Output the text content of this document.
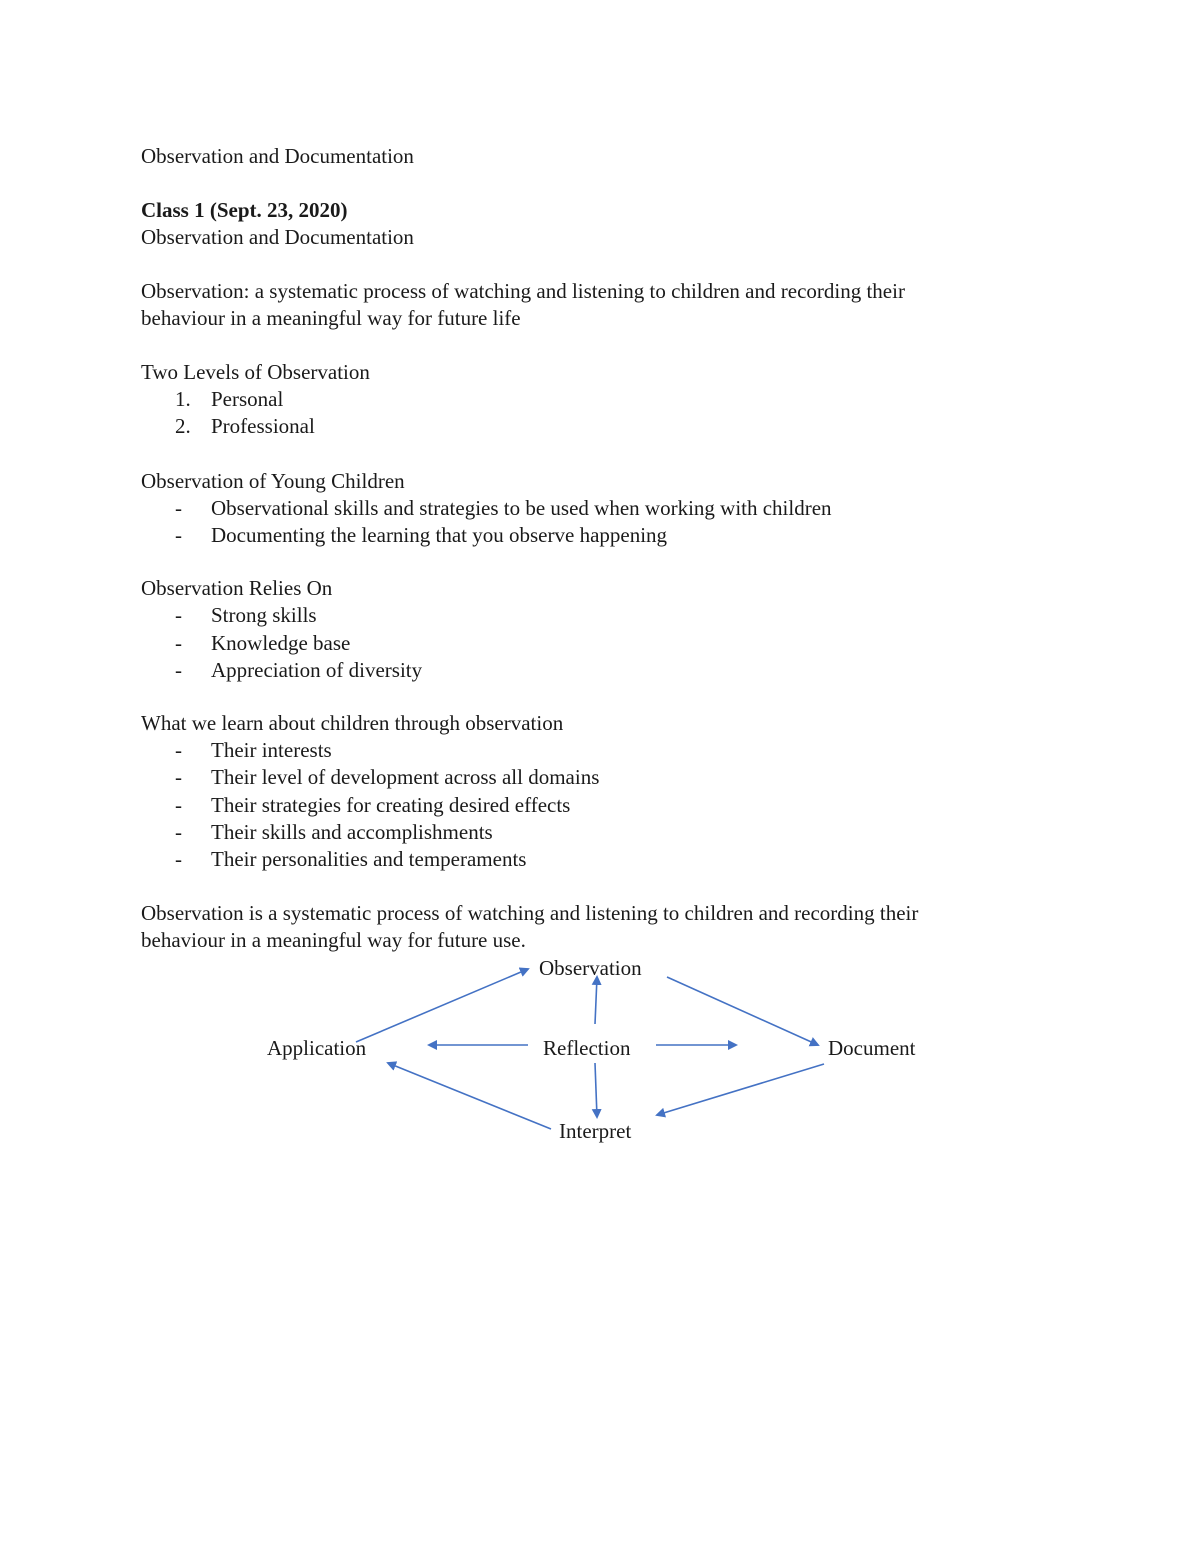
Observation and Documentation
Class 1 (Sept. 23, 2020)
Observation and Documentation
Observation: a systematic process of watching and listening to children and recording their
behaviour in a meaningful way for future life
Two Levels of Observation
1. Personal
2. Professional
Observation of Young Children
-	Observational skills and strategies to be used when working with children
-	Documenting the learning that you observe happening
Observation Relies On
-	Strong skills
-	Knowledge base
-	Appreciation of diversity
What we learn about children through observation
-	Their interests
-	Their level of development across all domains
-	Their strategies for creating desired effects
-	Their skills and accomplishments
-	Their personalities and temperaments
Observation is a systematic process of watching and listening to children and recording their
behaviour in a meaningful way for future use.
Observation
Application	Reflection	Document
Interpret
